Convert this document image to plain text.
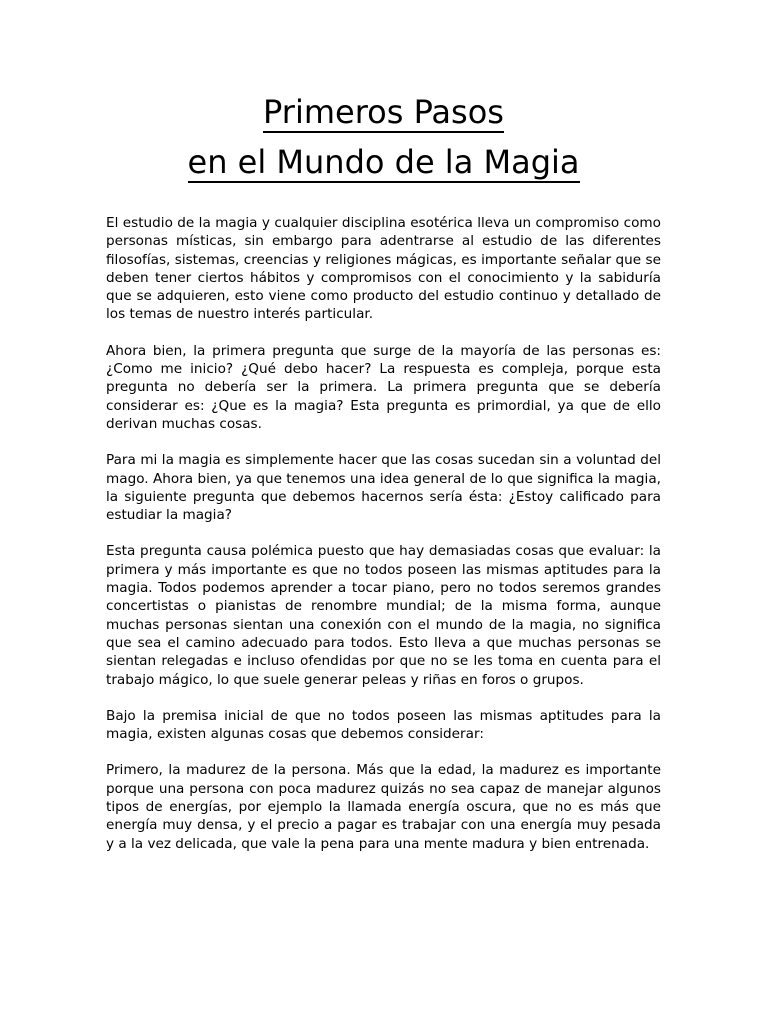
Primeros Pasos
en el Mundo de la Magia

El estudio de la magia y cualquier disciplina esotérica lleva un compromiso como personas místicas, sin embargo para adentrarse al estudio de las diferentes filosofías, sistemas, creencias y religiones mágicas, es importante señalar que se deben tener ciertos hábitos y compromisos con el conocimiento y la sabiduría que se adquieren, esto viene como producto del estudio continuo y detallado de los temas de nuestro interés particular.

Ahora bien, la primera pregunta que surge de la mayoría de las personas es: ¿Como me inicio? ¿Qué debo hacer? La respuesta es compleja, porque esta pregunta no debería ser la primera. La primera pregunta que se debería considerar es: ¿Que es la magia? Esta pregunta es primordial, ya que de ello derivan muchas cosas.

Para mi la magia es simplemente hacer que las cosas sucedan sin a voluntad del mago. Ahora bien, ya que tenemos una idea general de lo que significa la magia, la siguiente pregunta que debemos hacernos sería ésta: ¿Estoy calificado para estudiar la magia?

Esta pregunta causa polémica puesto que hay demasiadas cosas que evaluar: la primera y más importante es que no todos poseen las mismas aptitudes para la magia. Todos podemos aprender a tocar piano, pero no todos seremos grandes concertistas o pianistas de renombre mundial; de la misma forma, aunque muchas personas sientan una conexión con el mundo de la magia, no significa que sea el camino adecuado para todos. Esto lleva a que muchas personas se sientan relegadas e incluso ofendidas por que no se les toma en cuenta para el trabajo mágico, lo que suele generar peleas y riñas en foros o grupos.

Bajo la premisa inicial de que no todos poseen las mismas aptitudes para la magia, existen algunas cosas que debemos considerar:

Primero, la madurez de la persona. Más que la edad, la madurez es importante porque una persona con poca madurez quizás no sea capaz de manejar algunos tipos de energías, por ejemplo la llamada energía oscura, que no es más que energía muy densa, y el precio a pagar es trabajar con una energía muy pesada y a la vez delicada, que vale la pena para una mente madura y bien entrenada.
